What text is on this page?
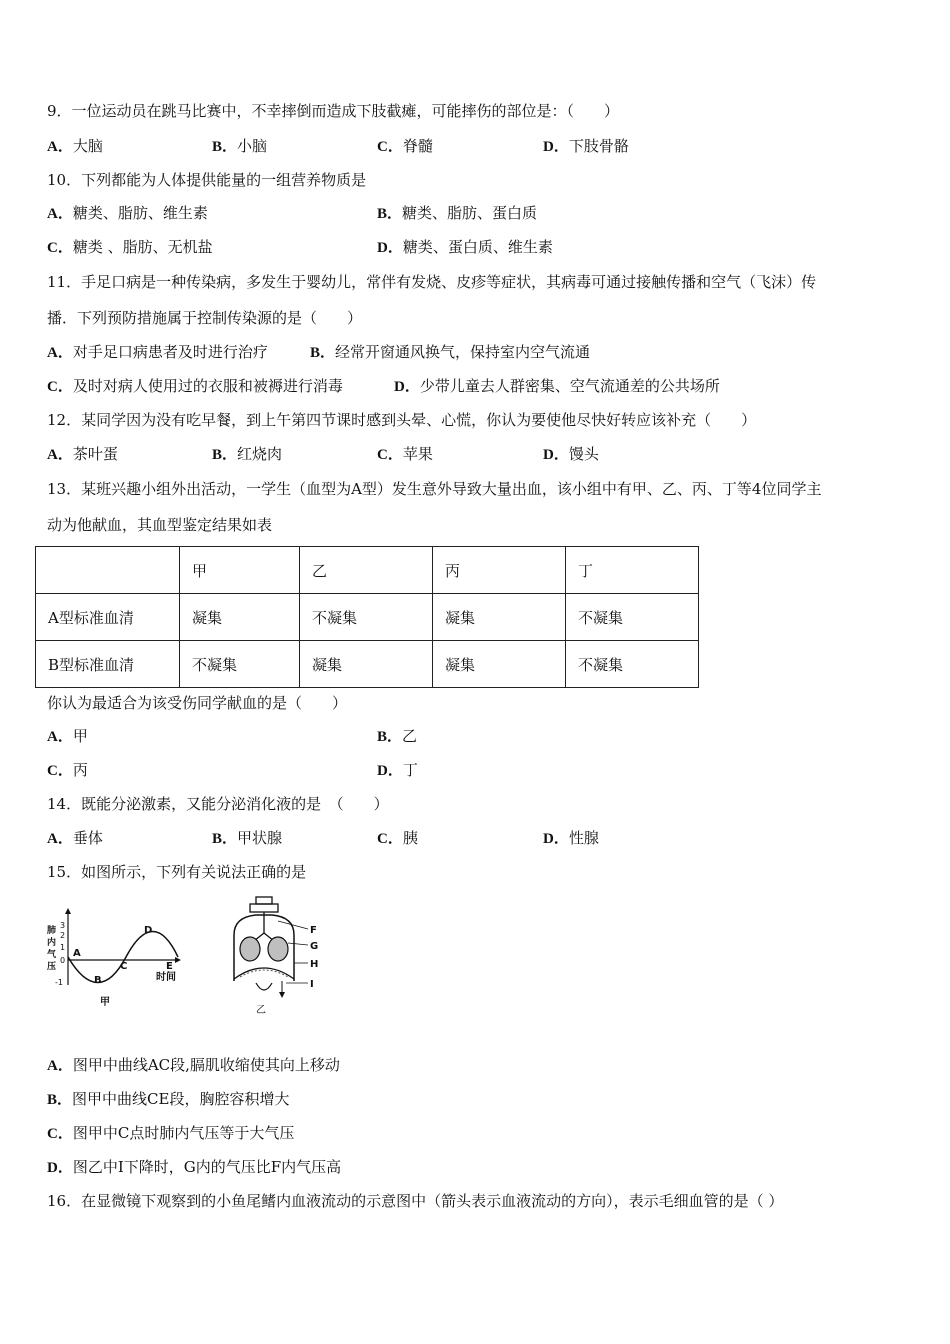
9．一位运动员在跳马比赛中，不幸摔倒而造成下肢截瘫，可能摔伤的部位是：（　　）
A．大脑	B．小脑	C．脊髓	D．下肢骨骼
10．下列都能为人体提供能量的一组营养物质是
A．糖类、脂肪、维生素	B．糖类、脂肪、蛋白质
C．糖类 、脂肪、无机盐	D．糖类、蛋白质、维生素
11．手足口病是一种传染病，多发生于婴幼儿，常伴有发烧、皮疹等症状，其病毒可通过接触传播和空气（飞沫）传
播．下列预防措施属于控制传染源的是（　　）
A．对手足口病患者及时进行治疗	B．经常开窗通风换气，保持室内空气流通
C．及时对病人使用过的衣服和被褥进行消毒	D．少带儿童去人群密集、空气流通差的公共场所
12．某同学因为没有吃早餐，到上午第四节课时感到头晕、心慌，你认为要使他尽快好转应该补充（　　）
A．茶叶蛋	B．红烧肉	C．苹果	D．馒头
13．某班兴趣小组外出活动，一学生（血型为A型）发生意外导致大量出血，该小组中有甲、乙、丙、丁等4位同学主
动为他献血，其血型鉴定结果如表
	甲	乙	丙	丁
A型标准血清	凝集	不凝集	凝集	不凝集
B型标准血清	不凝集	凝集	凝集	不凝集
你认为最适合为该受伤同学献血的是（　　）
A．甲	B．乙
C．丙	D．丁
14．既能分泌激素，又能分泌消化液的是　（　　）
A．垂体	B．甲状腺	C．胰	D．性腺
15．如图所示，下列有关说法正确的是
肺
内
气
压
3
2
1
0
-1
A
B
C
D
E
时间
甲
F
G
H
I
乙
A．图甲中曲线AC段,膈肌收缩使其向上移动
B．图甲中曲线CE段，胸腔容积增大
C．图甲中C点时肺内气压等于大气压
D．图乙中I下降时，G内的气压比F内气压高
16．在显微镜下观察到的小鱼尾鳍内血液流动的示意图中（箭头表示血液流动的方向），表示毛细血管的是（ ）
